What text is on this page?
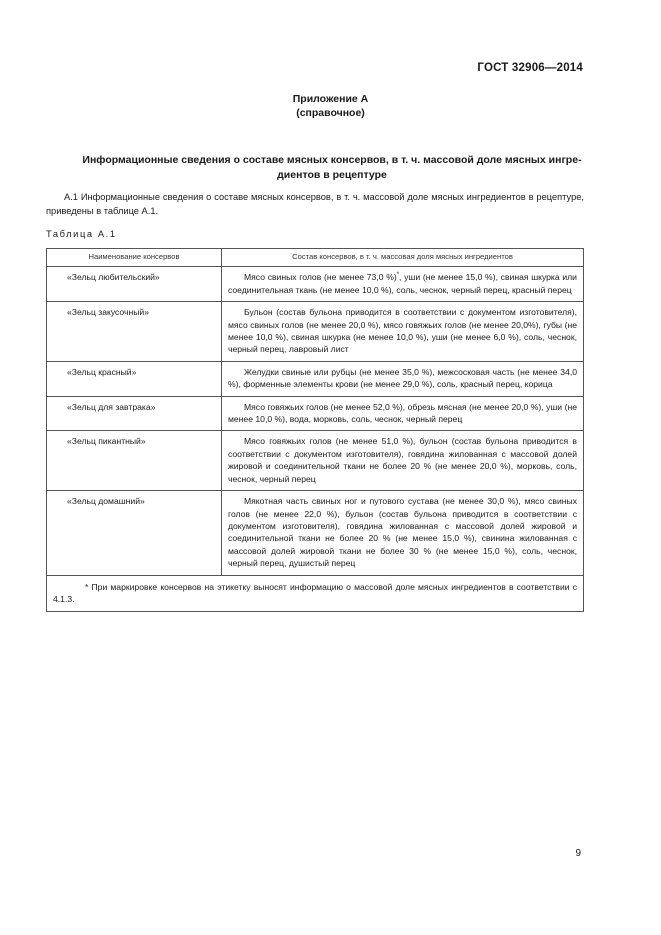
ГОСТ 32906—2014
Приложение А
(справочное)
Информационные сведения о составе мясных консервов, в т. ч. массовой доле мясных ингре-
диентов в рецептуре
А.1 Информационные сведения о составе мясных консервов, в т. ч. массовой доле мясных ингредиентов в рецептуре, приведены в таблице А.1.
Таблица А.1
Наименование консервов	Состав консервов, в т. ч. массовая доля мясных ингредиентов
«Зельц любительский»	Мясо свиных голов (не менее 73,0 %)*, уши (не менее 15,0 %), свиная шкурка или соединительная ткань (не менее 10,0 %), соль, чеснок, черный перец, красный перец
«Зельц закусочный»	Бульон (состав бульона приводится в соответствии с документом изготовителя), мясо свиных голов (не менее 20,0 %), мясо говяжьих голов (не менее 20,0%), губы (не менее 10,0 %), свиная шкурка (не менее 10,0 %), уши (не менее 6,0 %), соль, чеснок, черный перец, лавровый лист
«Зельц красный»	Желудки свиные или рубцы (не менее 35,0 %), межсосковая часть (не менее 34,0 %), форменные элементы крови (не менее 29,0 %), соль, красный перец, корица
«Зельц для завтрака»	Мясо говяжьих голов (не менее 52,0 %), обрезь мясная (не менее 20,0 %), уши (не менее 10,0 %), вода, морковь, соль, чеснок, черный перец
«Зельц пикантный»	Мясо говяжьих голов (не менее 51,0 %), бульон (состав бульона приводится в соответствии с документом изготовителя), говядина жилованная с массовой долей жировой и соединительной ткани не более 20 % (не менее 20,0 %), морковь, соль, чеснок, черный перец
«Зельц домашний»	Мякотная часть свиных ног и путового сустава (не менее 30,0 %), мясо свиных голов (не менее 22,0 %), бульон (состав бульона приводится в соответствии с документом изготовителя), говядина жилованная с массовой долей жировой и соединительной ткани не более 20 % (не менее 15,0 %), свинина жилованная с массовой долей жировой ткани не более 30 % (не менее 15,0 %), соль, чеснок, черный перец, душистый перец
* При маркировке консервов на этикетку выносят информацию о массовой доле мясных ингредиентов в соответствии с 4.1.3.	
9
